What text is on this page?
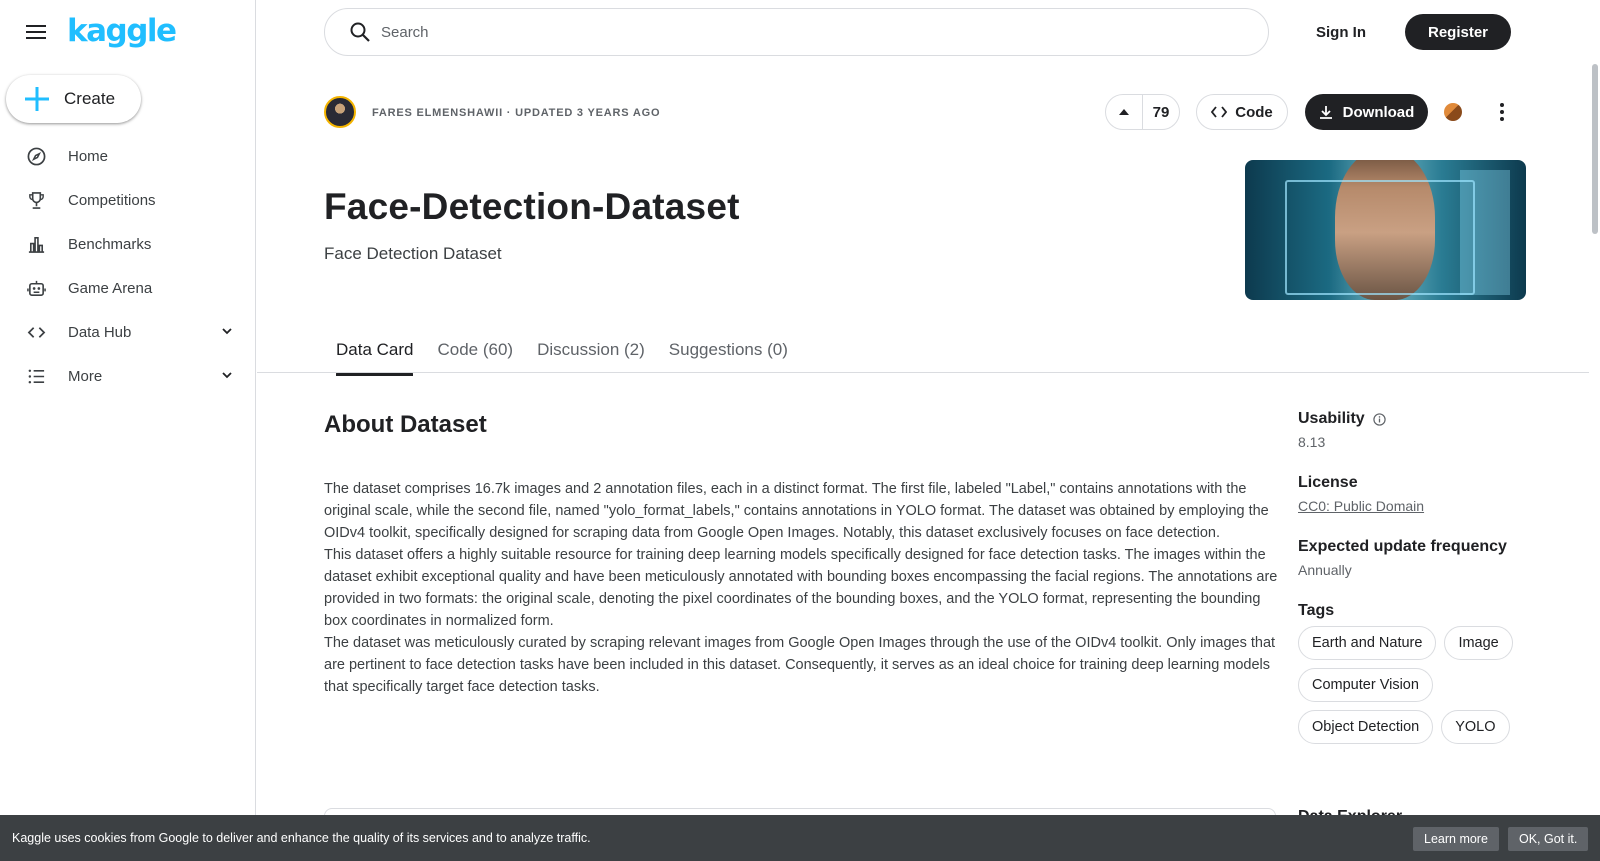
kaggle
Create
Home
Competitions
Benchmarks
Game Arena
Data Hub
More
Search
Sign In	Register
FARES ELMENSHAWII · UPDATED 3 YEARS AGO	79	Code	Download
Face-Detection-Dataset
Face Detection Dataset
Data Card	Code (60)	Discussion (2)	Suggestions (0)
About Dataset

The dataset comprises 16.7k images and 2 annotation files, each in a distinct format. The first file, labeled "Label," contains annotations with the original scale, while the second file, named "yolo_format_labels," contains annotations in YOLO format. The dataset was obtained by employing the OIDv4 toolkit, specifically designed for scraping data from Google Open Images. Notably, this dataset exclusively focuses on face detection.

This dataset offers a highly suitable resource for training deep learning models specifically designed for face detection tasks. The images within the dataset exhibit exceptional quality and have been meticulously annotated with bounding boxes encompassing the facial regions. The annotations are provided in two formats: the original scale, denoting the pixel coordinates of the bounding boxes, and the YOLO format, representing the bounding box coordinates in normalized form.

The dataset was meticulously curated by scraping relevant images from Google Open Images through the use of the OIDv4 toolkit. Only images that are pertinent to face detection tasks have been included in this dataset. Consequently, it serves as an ideal choice for training deep learning models that specifically target face detection tasks.

Usability
8.13
License
CC0: Public Domain
Expected update frequency
Annually
Tags
Earth and Nature	Image
Computer Vision
Object Detection	YOLO
Kaggle uses cookies from Google to deliver and enhance the quality of its services and to analyze traffic.	Learn more	OK, Got it.
